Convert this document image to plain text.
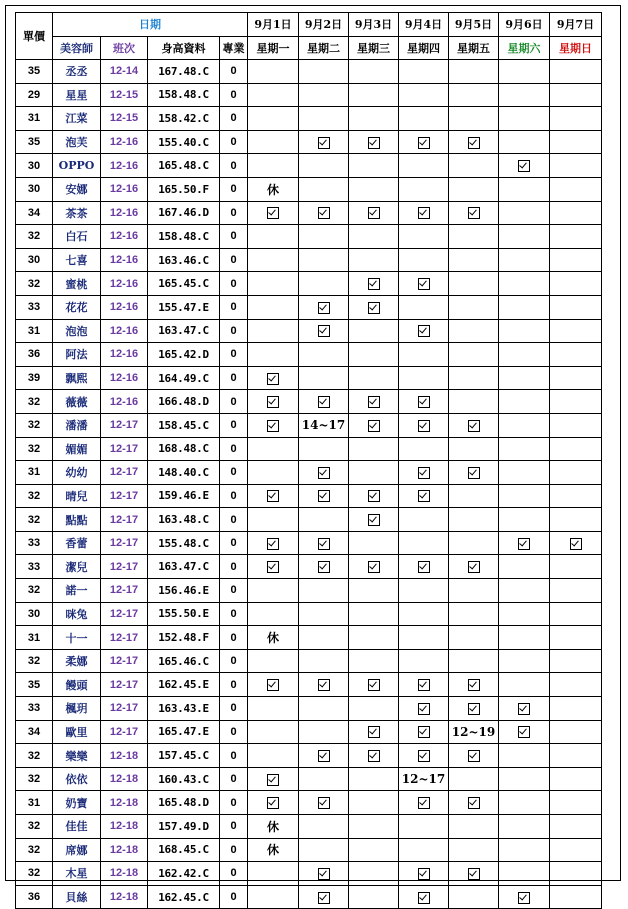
單價	日期				9月1日	9月2日	9月3日	9月4日	9月5日	9月6日	9月7日
	美容師	班次	身高資料	專業	星期一	星期二	星期三	星期四	星期五	星期六	星期日
35	丞丞	12-14	167.48.C	0							
29	星星	12-15	158.48.C	0							
31	江菜	12-15	158.42.C	0							
35	泡芙	12-16	155.40.C	0							
30	OPPO	12-16	165.48.C	0							
30	安娜	12-16	165.50.F	0	休						
34	茶茶	12-16	167.46.D	0							
32	白石	12-16	158.48.C	0							
30	七喜	12-16	163.46.C	0							
32	蜜桃	12-16	165.45.C	0							
33	花花	12-16	155.47.E	0							
31	泡泡	12-16	163.47.C	0							
36	阿法	12-16	165.42.D	0							
39	飘熙	12-16	164.49.C	0							
32	薇薇	12-16	166.48.D	0							
32	潘潘	12-17	158.45.C	0		14~17					
32	媚媚	12-17	168.48.C	0							
31	幼幼	12-17	148.40.C	0							
32	晴兒	12-17	159.46.E	0							
32	點點	12-17	163.48.C	0							
33	香蕾	12-17	155.48.C	0							
33	潔兒	12-17	163.47.C	0							
32	諾一	12-17	156.46.E	0							
30	咪兔	12-17	155.50.E	0							
31	十一	12-17	152.48.F	0	休						
32	柔娜	12-17	165.46.C	0							
35	饅頭	12-17	162.45.E	0							
33	楓玥	12-17	163.43.E	0							
34	歐里	12-17	165.47.E	0					12~19		
32	樂樂	12-18	157.45.C	0							
32	依依	12-18	160.43.C	0				12~17			
31	奶寶	12-18	165.48.D	0							
32	佳佳	12-18	157.49.D	0	休						
32	席娜	12-18	168.45.C	0	休						
32	木星	12-18	162.42.C	0							
36	貝絲	12-18	162.45.C	0							
